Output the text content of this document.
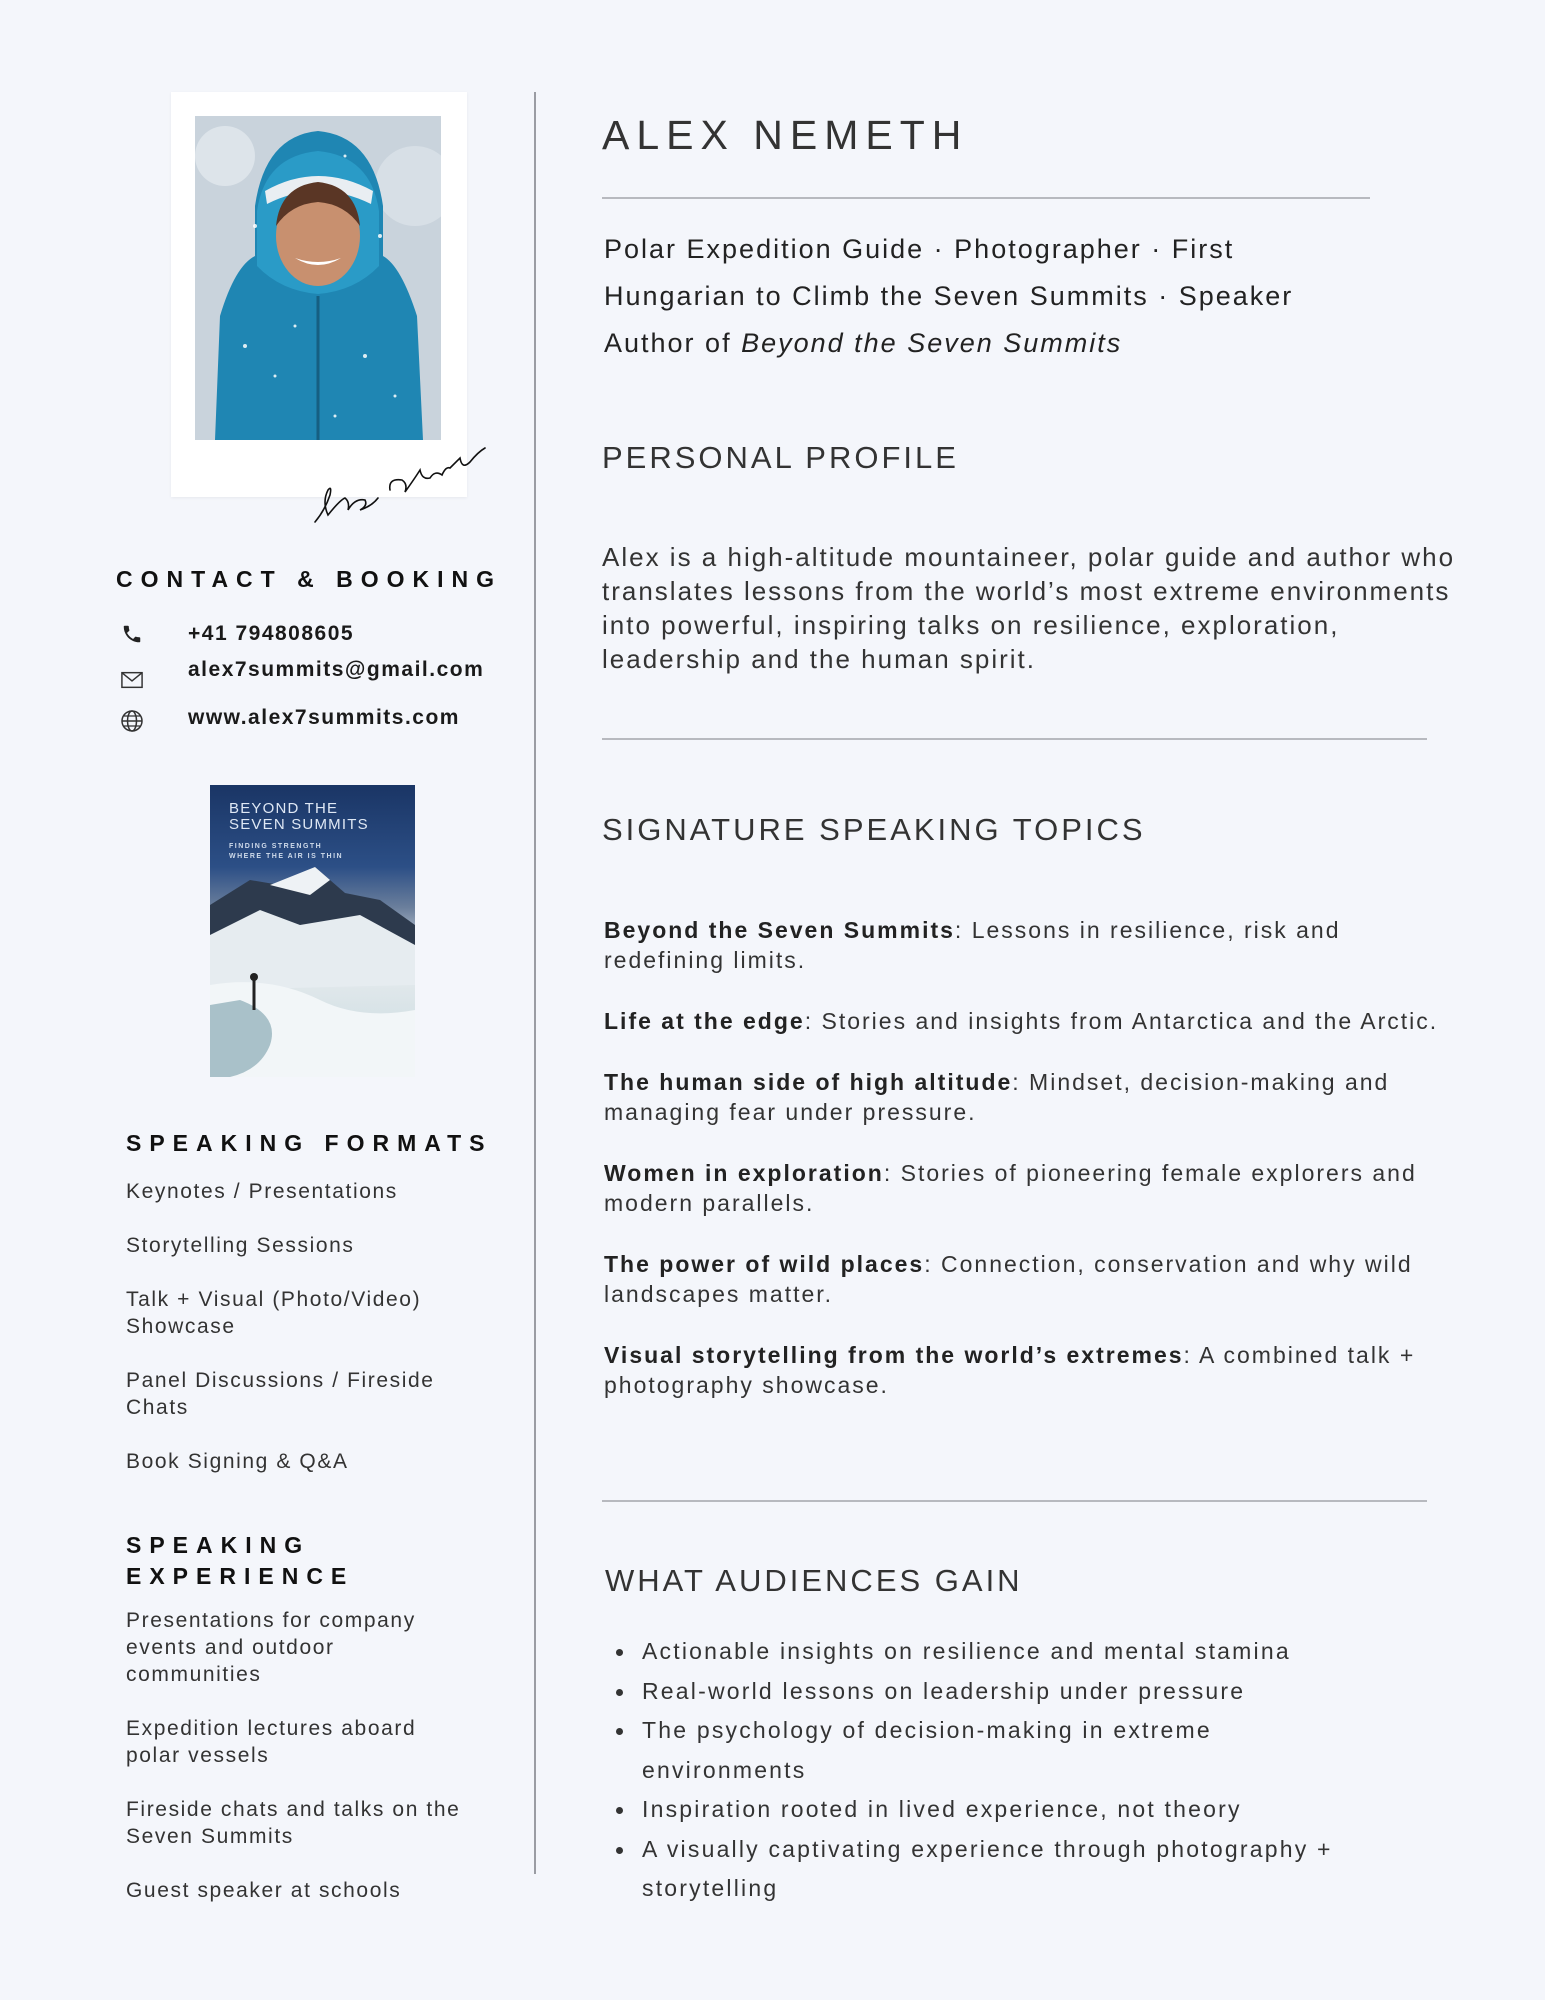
CONTACT & BOOKING
+41 794808605
alex7summits@gmail.com
www.alex7summits.com
BEYOND THE
SEVEN SUMMITS
FINDING STRENGTH
WHERE THE AIR IS THIN
SPEAKING FORMATS

Keynotes / Presentations

Storytelling Sessions

Talk + Visual (Photo/Video) Showcase

Panel Discussions / Fireside Chats

Book Signing & Q&A

SPEAKING
EXPERIENCE

Presentations for company events and outdoor communities

Expedition lectures aboard polar vessels

Fireside chats and talks on the Seven Summits

Guest speaker at schools

ALEX NEMETH
Polar Expedition Guide · Photographer · First
Hungarian to Climb the Seven Summits · Speaker
Author of Beyond the Seven Summits
PERSONAL PROFILE
Alex is a high-altitude mountaineer, polar guide and author who translates lessons from the world’s most extreme environments into powerful, inspiring talks on resilience, exploration, leadership and the human spirit.
SIGNATURE SPEAKING TOPICS
Beyond the Seven Summits: Lessons in resilience, risk and redefining limits.
Life at the edge: Stories and insights from Antarctica and the Arctic.
The human side of high altitude: Mindset, decision-making and managing fear under pressure.
Women in exploration: Stories of pioneering female explorers and modern parallels.
The power of wild places: Connection, conservation and why wild landscapes matter.
Visual storytelling from the world’s extremes: A combined talk + photography showcase.
WHAT AUDIENCES GAIN
Actionable insights on resilience and mental stamina
Real-world lessons on leadership under pressure
The psychology of decision-making in extreme environments
Inspiration rooted in lived experience, not theory
A visually captivating experience through photography + storytelling
